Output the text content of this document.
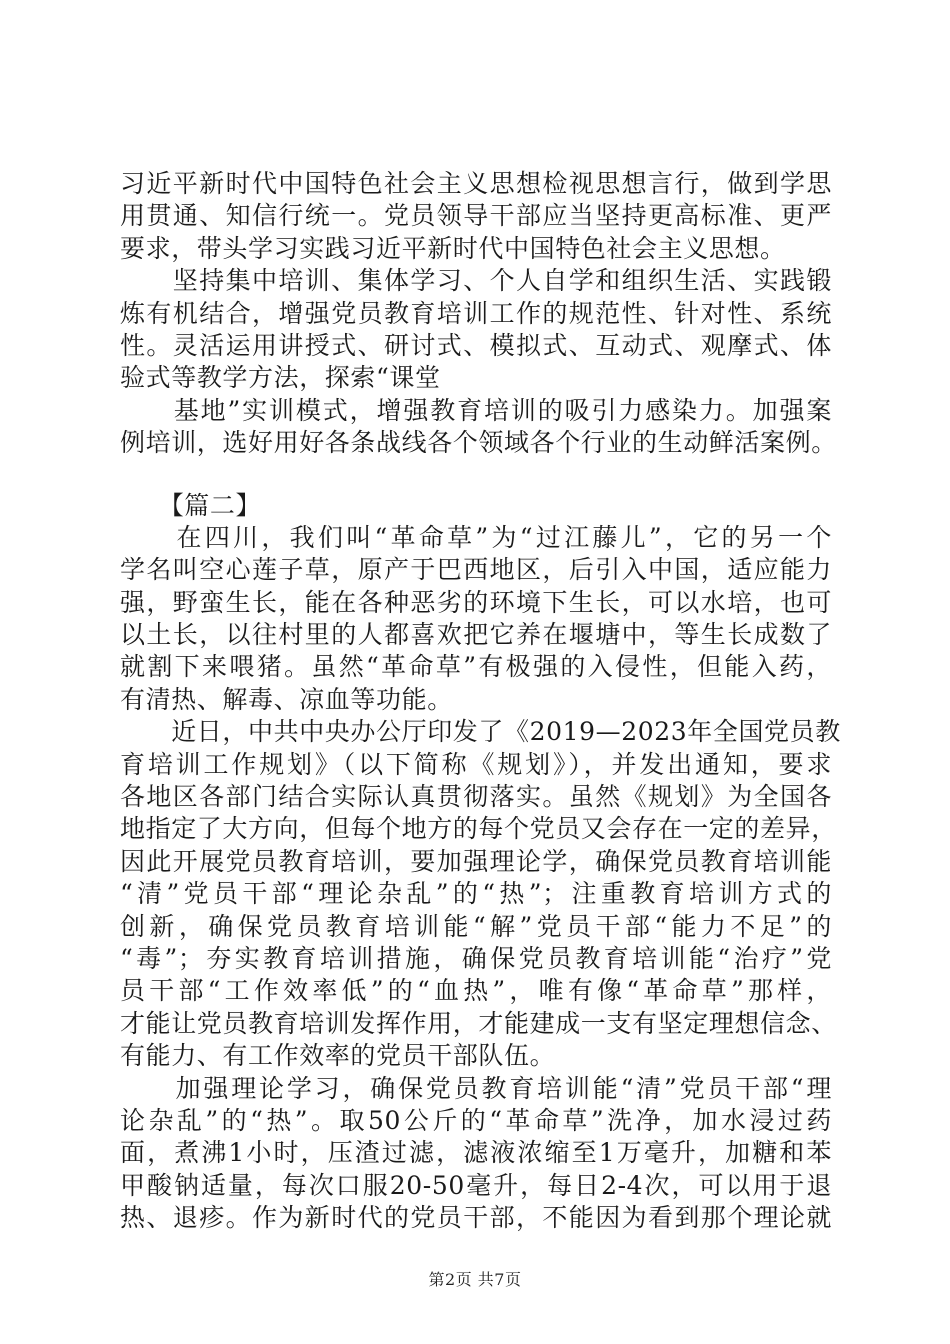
习近平新时代中国特色社会主义思想检视思想言行，做到学思
用贯通、知信行统一。党员领导干部应当坚持更高标准、更严
要求，带头学习实践习近平新时代中国特色社会主义思想。
　　坚持集中培训、集体学习、个人自学和组织生活、实践锻
炼有机结合，增强党员教育培训工作的规范性、针对性、系统
性。灵活运用讲授式、研讨式、模拟式、互动式、观摩式、体
验式等教学方法，探索“课堂
　　基地”实训模式，增强教育培训的吸引力感染力。加强案
例培训，选好用好各条战线各个领域各个行业的生动鲜活案例。
　　【篇二】
　　在四川，我们叫“革命草”为“过江藤儿”，它的另一个
学名叫空心莲子草，原产于巴西地区，后引入中国，适应能力
强，野蛮生长，能在各种恶劣的环境下生长，可以水培，也可
以土长，以往村里的人都喜欢把它养在堰塘中，等生长成数了
就割下来喂猪。虽然“革命草”有极强的入侵性，但能入药，
有清热、解毒、凉血等功能。
　　近日，中共中央办公厅印发了《2019—2023年全国党员教
育培训工作规划》（以下简称《规划》），并发出通知，要求
各地区各部门结合实际认真贯彻落实。虽然《规划》为全国各
地指定了大方向，但每个地方的每个党员又会存在一定的差异，
因此开展党员教育培训，要加强理论学，确保党员教育培训能
“清”党员干部“理论杂乱”的“热”；注重教育培训方式的
创新，确保党员教育培训能“解”党员干部“能力不足”的
“毒”；夯实教育培训措施，确保党员教育培训能“治疗”党
员干部“工作效率低”的“血热”，唯有像“革命草”那样，
才能让党员教育培训发挥作用，才能建成一支有坚定理想信念、
有能力、有工作效率的党员干部队伍。
　　加强理论学习，确保党员教育培训能“清”党员干部“理
论杂乱”的“热”。取50公斤的“革命草”洗净，加水浸过药
面，煮沸1小时，压渣过滤，滤液浓缩至1万毫升，加糖和苯
甲酸钠适量，每次口服20-50毫升，每日2-4次，可以用于退
热、退疹。作为新时代的党员干部，不能因为看到那个理论就
第2页 共7页
